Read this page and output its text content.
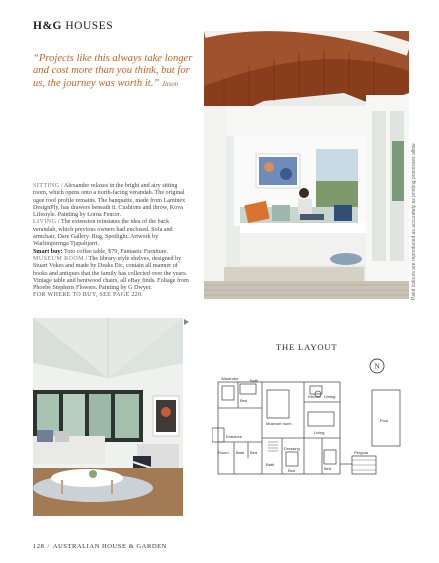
H&G HOUSES
“Projects like this always take longer and cost more than you think, but for us, the journey was worth it.” Jason

SITTING / Alexander relaxes in the bright and airy sitting room, which opens onto a north-facing verandah. The original ogee roof profile remains. The banquette, made from Laminex DesignPly, has drawers beneath it. Cushions and throw, Kova Lifestyle. Painting by Lorna Fencer.

LIVING / The extension reinstates the idea of the back verandah, which previous owners had enclosed. Sofa and armchair, Dare Gallery. Rug, Spotlight. Artwork by Warlimpirrnga Tjapaltjarri.

Smart buy: Toto coffee table, $79, Fantastic Furniture.

MUSEUM ROOM / The library-style shelves, designed by Stuart Vokes and made by Deaks Etc, contain all manner of books and antiques that the family has collected over the years. Vintage table and bentwood chairs, all eBay finds. Foliage from Phoebe Stephens Flowers. Painting by G Dwyer.

FOR WHERE TO BUY, SEE PAGE 220.

THE LAYOUT
N
Bath
Wardrobe
Bed
Museum room
Entrance
Bath
Room	Bed
Dressing
Bath
Bed
Kitchen Dining
Living
Bed
Pool
Pergola
Paint colours are reproduced as accurately as printing processes allow.
128 / AUSTRALIAN HOUSE & GARDEN
